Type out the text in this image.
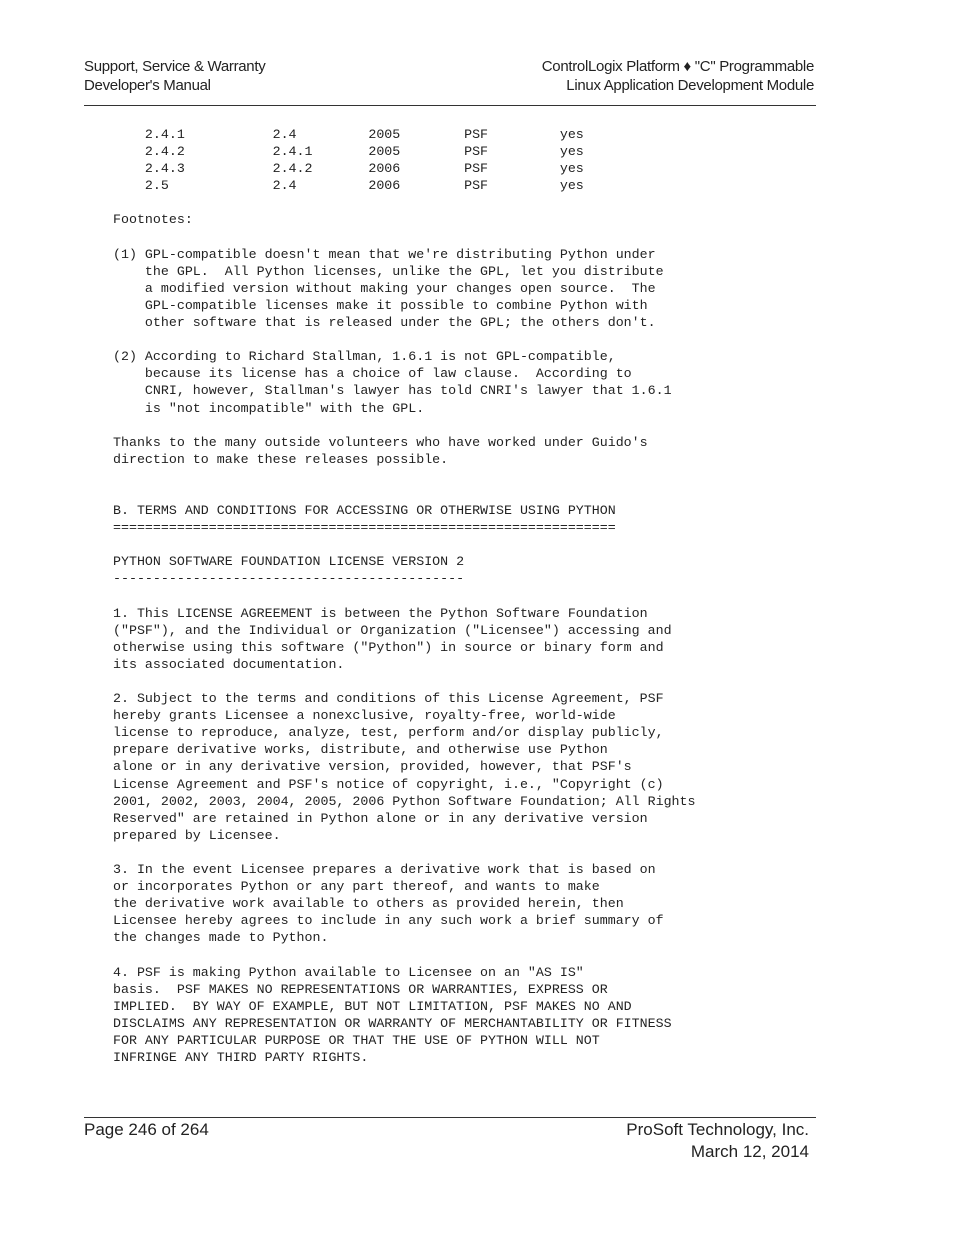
Support, Service & Warranty
Developer's Manual
ControlLogix Platform ♦ "C" Programmable
Linux Application Development Module
2.4.1           2.4         2005        PSF         yes
2.4.2           2.4.1       2005        PSF         yes
2.4.3           2.4.2       2006        PSF         yes
2.5             2.4         2006        PSF         yes
Footnotes:
(1) GPL-compatible doesn't mean that we're distributing Python under
the GPL.  All Python licenses, unlike the GPL, let you distribute
a modified version without making your changes open source.  The
GPL-compatible licenses make it possible to combine Python with
other software that is released under the GPL; the others don't.
(2) According to Richard Stallman, 1.6.1 is not GPL-compatible,
because its license has a choice of law clause.  According to
CNRI, however, Stallman's lawyer has told CNRI's lawyer that 1.6.1
is "not incompatible" with the GPL.
Thanks to the many outside volunteers who have worked under Guido's
direction to make these releases possible.
B. TERMS AND CONDITIONS FOR ACCESSING OR OTHERWISE USING PYTHON
===============================================================
PYTHON SOFTWARE FOUNDATION LICENSE VERSION 2
--------------------------------------------
1. This LICENSE AGREEMENT is between the Python Software Foundation
("PSF"), and the Individual or Organization ("Licensee") accessing and
otherwise using this software ("Python") in source or binary form and
its associated documentation.
2. Subject to the terms and conditions of this License Agreement, PSF
hereby grants Licensee a nonexclusive, royalty-free, world-wide
license to reproduce, analyze, test, perform and/or display publicly,
prepare derivative works, distribute, and otherwise use Python
alone or in any derivative version, provided, however, that PSF's
License Agreement and PSF's notice of copyright, i.e., "Copyright (c)
2001, 2002, 2003, 2004, 2005, 2006 Python Software Foundation; All Rights
Reserved" are retained in Python alone or in any derivative version
prepared by Licensee.
3. In the event Licensee prepares a derivative work that is based on
or incorporates Python or any part thereof, and wants to make
the derivative work available to others as provided herein, then
Licensee hereby agrees to include in any such work a brief summary of
the changes made to Python.
4. PSF is making Python available to Licensee on an "AS IS"
basis.  PSF MAKES NO REPRESENTATIONS OR WARRANTIES, EXPRESS OR
IMPLIED.  BY WAY OF EXAMPLE, BUT NOT LIMITATION, PSF MAKES NO AND
DISCLAIMS ANY REPRESENTATION OR WARRANTY OF MERCHANTABILITY OR FITNESS
FOR ANY PARTICULAR PURPOSE OR THAT THE USE OF PYTHON WILL NOT
INFRINGE ANY THIRD PARTY RIGHTS.
Page 246 of 264	ProSoft Technology, Inc.
March 12, 2014
